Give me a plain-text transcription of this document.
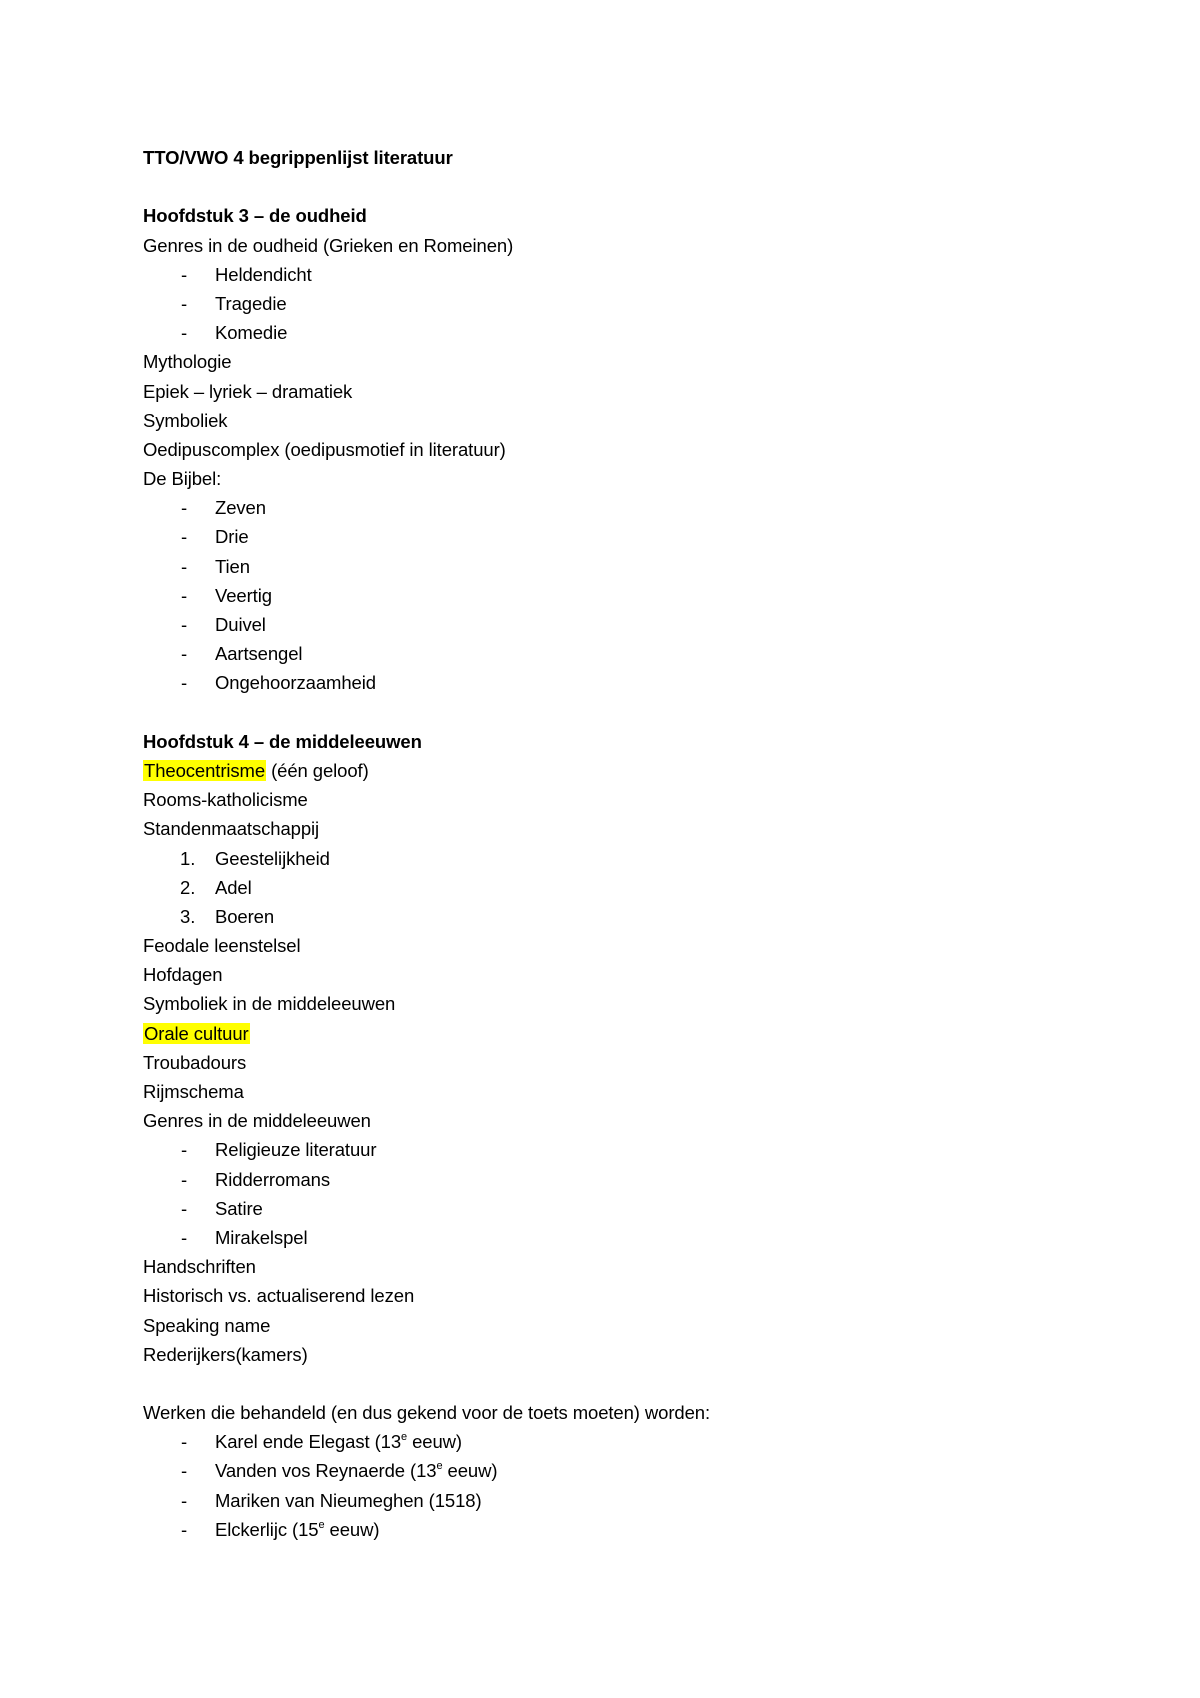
TTO/VWO 4 begrippenlijst literatuur
Hoofdstuk 3 – de oudheid
Genres in de oudheid (Grieken en Romeinen)
- Heldendicht
- Tragedie
- Komedie
Mythologie
Epiek – lyriek – dramatiek
Symboliek
Oedipuscomplex (oedipusmotief in literatuur)
De Bijbel:
- Zeven
- Drie
- Tien
- Veertig
- Duivel
- Aartsengel
- Ongehoorzaamheid
Hoofdstuk 4 – de middeleeuwen
Theocentrisme (één geloof)
Rooms-katholicisme
Standenmaatschappij
1. Geestelijkheid
2. Adel
3. Boeren
Feodale leenstelsel
Hofdagen
Symboliek in de middeleeuwen
Orale cultuur
Troubadours
Rijmschema
Genres in de middeleeuwen
- Religieuze literatuur
- Ridderromans
- Satire
- Mirakelspel
Handschriften
Historisch vs. actualiserend lezen
Speaking name
Rederijkers(kamers)
Werken die behandeld (en dus gekend voor de toets moeten) worden:
- Karel ende Elegast (13e eeuw)
- Vanden vos Reynaerde (13e eeuw)
- Mariken van Nieumeghen (1518)
- Elckerlijc (15e eeuw)
